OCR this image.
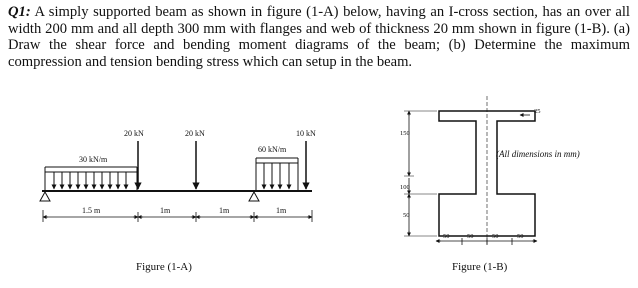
Q1: A simply supported beam as shown in figure (1-A) below, having an I-cross section, has an over all width 200 mm and all depth 300 mm with flanges and web of thickness 20 mm shown in figure (1-B). (a) Draw the shear force and bending moment diagrams of the beam; (b) Determine the maximum compression and tension bending stress which can setup in the beam.

30 kN/m
20 kN	20 kN
60 kN/m
10 kN
1.5 m	1m	1m	1m
Figure (1-A)
25
150
100
50
50	50	50	50
(All dimensions in mm)
Figure (1-B)
